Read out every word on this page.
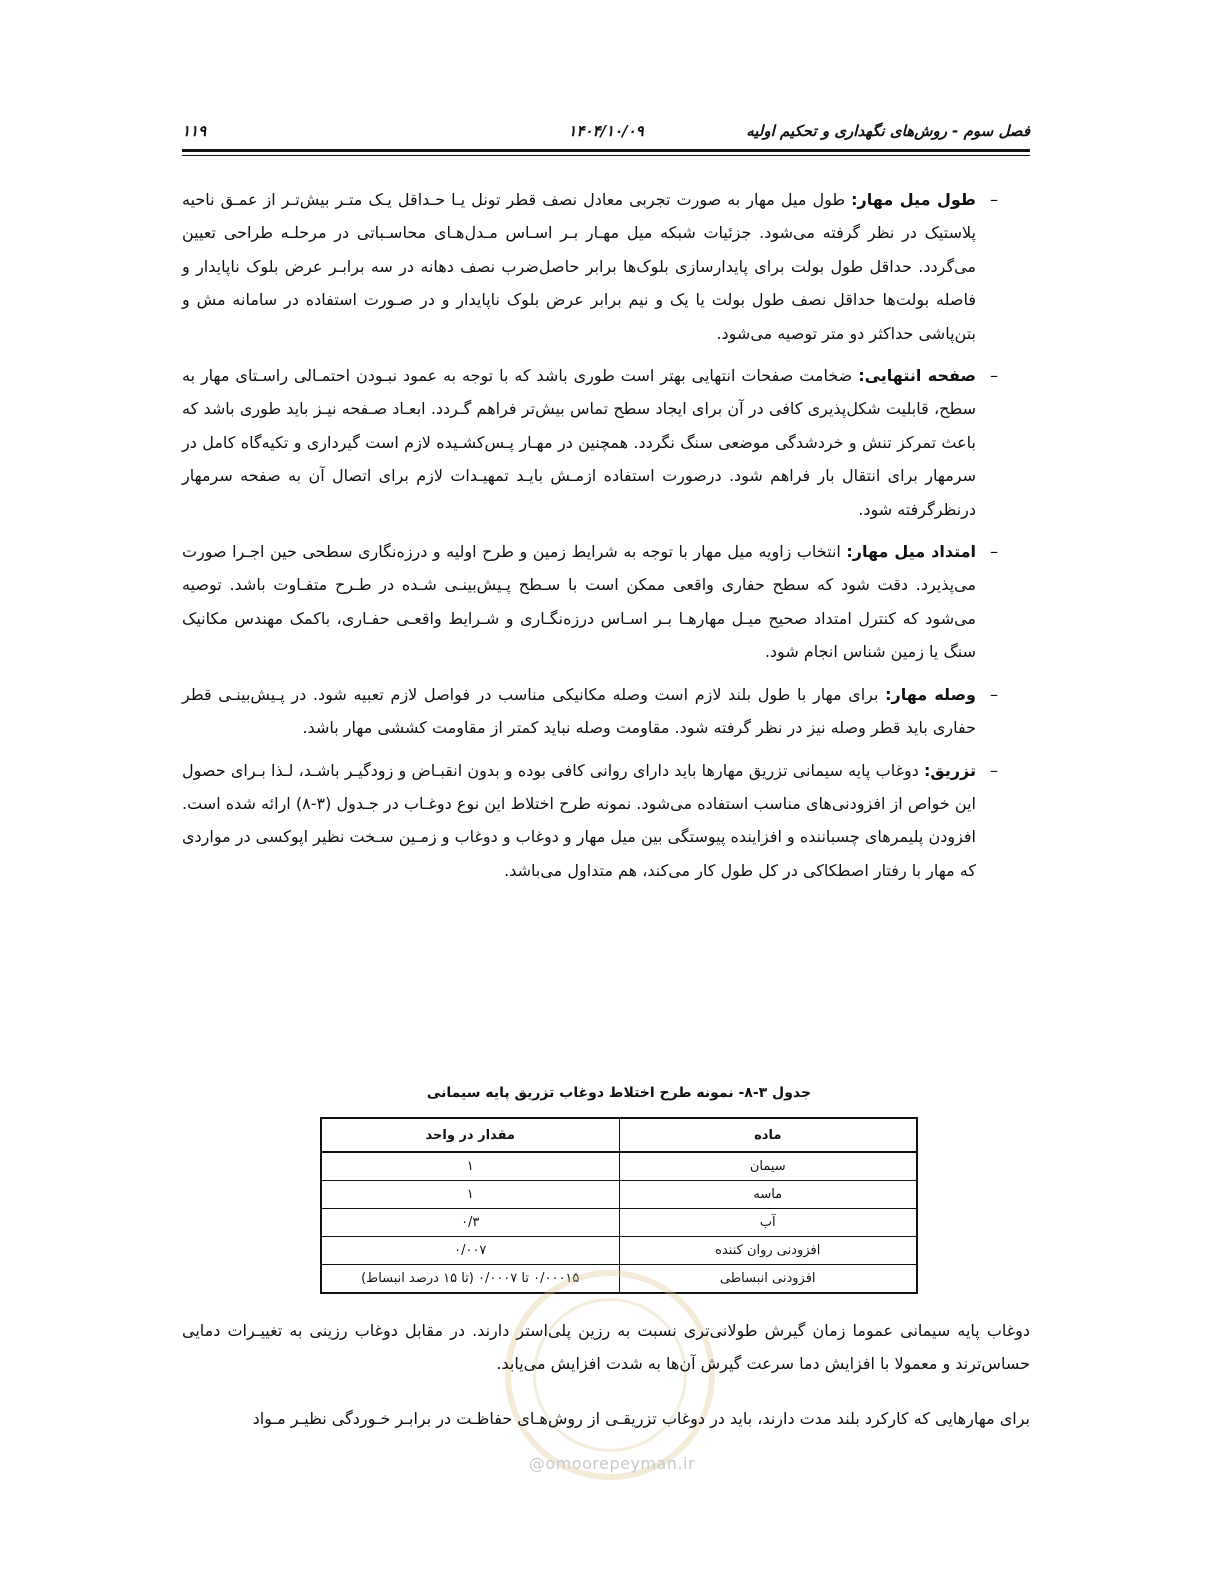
فصل سوم - روش‌های نگهداری و تحکیم اولیه
۱۴۰۴/۱۰/۰۹
۱۱۹
–
طول میل مهار: طول میل مهار به صورت تجربی معادل نصف قطر تونل یـا حـداقل یـک متـر بیش‌تـر از عمـق ناحیه پلاستیک در نظر گرفته می‌شود. جزئیات شبکه میل مهـار بـر اسـاس مـدل‌هـای محاسـباتی در مرحلـه طراحی تعیین می‌گردد. حداقل طول بولت برای پایدارسازی بلوک‌ها برابر حاصل‌ضرب نصف دهانه در سه برابـر عرض بلوک ناپایدار و فاصله بولت‌ها حداقل نصف طول بولت یا یک و نیم برابر عرض بلوک ناپایدار و در صـورت استفاده در سامانه مش و بتن‌پاشی حداکثر دو متر توصیه می‌شود.
–
صفحه انتهایی: ضخامت صفحات انتهایی بهتر است طوری باشد که با توجه به عمود نبـودن احتمـالی راسـتای مهار به سطح، قابلیت شکل‌پذیری کافی در آن برای ایجاد سطح تماس بیش‌تر فراهم گـردد. ابعـاد صـفحه نیـز باید طوری باشد که باعث تمرکز تنش و خردشدگی موضعی سنگ نگردد. همچنین در مهـار پـس‌کشـیده لازم است گیرداری و تکیه‌گاه کامل در سرمهار برای انتقال بار فراهم شود. درصورت استفاده ازمـش بایـد تمهیـدات لازم برای اتصال آن به صفحه سرمهار درنظرگرفته شود.
–
امتداد میل مهار: انتخاب زاویه میل مهار با توجه به شرایط زمین و طرح اولیه و درزه‌نگاری سطحی حین اجـرا صورت می‌پذیرد. دقت شود که سطح حفاری واقعی ممکن است با سـطح پـیش‌بینـی شـده در طـرح متفـاوت باشد. توصیه می‌شود که کنترل امتداد صحیح میـل مهارهـا بـر اسـاس درزه‌نگـاری و شـرایط واقعـی حفـاری، باکمک مهندس مکانیک سنگ یا زمین شناس انجام شود.
–
وصله مهار: برای مهار با طول بلند لازم است وصله مکانیکی مناسب در فواصل لازم تعبیه شود. در پـیش‌بینـی قطر حفاری باید قطر وصله نیز در نظر گرفته شود. مقاومت وصله نباید کمتر از مقاومت کششی مهار باشد.
–
تزریق: دوغاب پایه سیمانی تزریق مهارها باید دارای روانی کافی بوده و بدون انقبـاض و زودگیـر باشـد، لـذا بـرای حصول این خواص از افزودنی‌های مناسب استفاده می‌شود. نمونه طرح اختلاط این نوع دوغـاب در جـدول (۳-۸) ارائه شده است. افزودن پلیمرهای چسباننده و افزاینده پیوستگی بین میل مهار و دوغاب و دوغاب و زمـین سـخت نظیر اپوکسی در مواردی که مهار با رفتار اصطکاکی در کل طول کار می‌کند، هم متداول می‌باشد.
جدول ۳-۸- نمونه طرح اختلاط دوغاب تزریق پایه سیمانی
ماده	مقدار در واحد
سیمان	۱
ماسه	۱
آب	۰/۳
افزودنی روان کننده	۰/۰۰۷
افزودنی انبساطی	۰/۰۰۰۱۵ تا ۰/۰۰۰۷ (تا ۱۵ درصد انبساط)
دوغاب پایه سیمانی عموما زمان گیرش طولانی‌تری نسبت به رزین پلی‌استر دارند. در مقابل دوغاب رزینی به تغییـرات دمایی حساس‌ترند و معمولا با افزایش دما سرعت گیرش آن‌ها به شدت افزایش می‌یابد.
برای مهارهایی که کارکرد بلند مدت دارند، باید در دوغاب تزریقـی از روش‌هـای حفاظـت در برابـر خـوردگی نظیـر مـواد
@omoorepeyman.ir
